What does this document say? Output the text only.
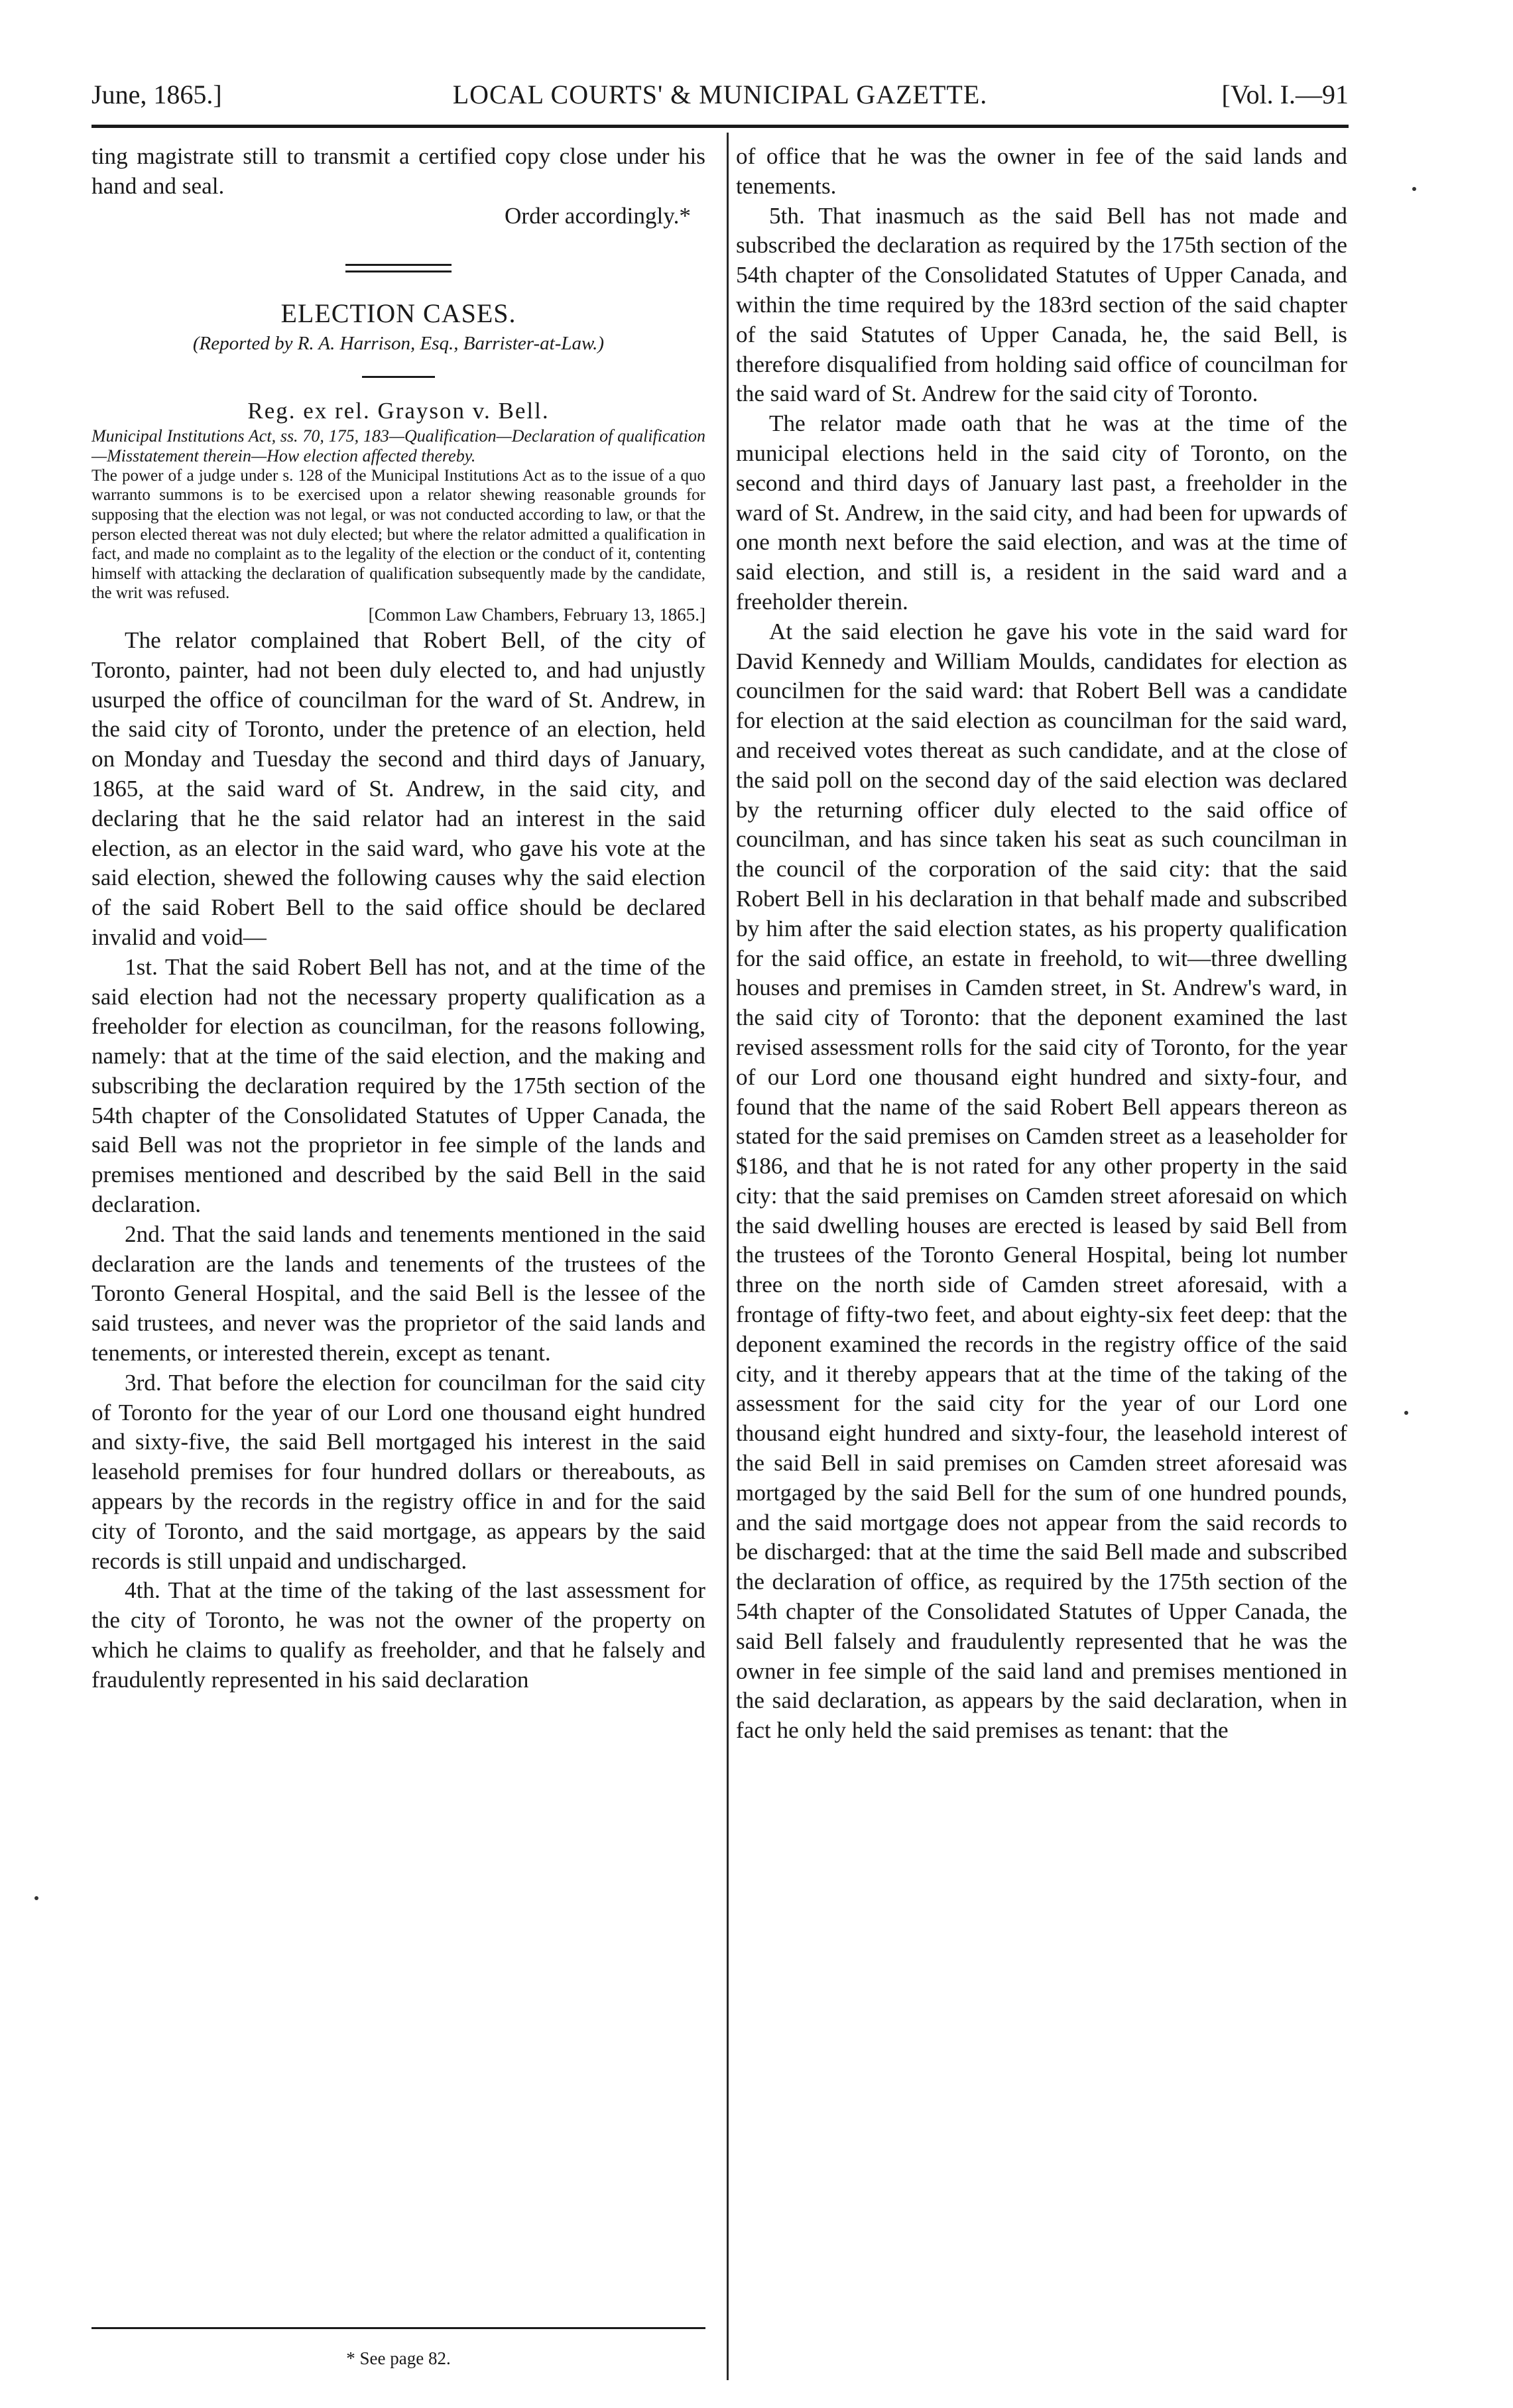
June, 1865.]	LOCAL COURTS' & MUNICIPAL GAZETTE.	[Vol. I.—91

ting magistrate still to transmit a certified copy close under his hand and seal.

Order accordingly.*

ELECTION CASES.

(Reported by R. A. Harrison, Esq., Barrister-at-Law.)

Reg. ex rel. Grayson v. Bell.

Municipal Institutions Act, ss. 70, 175, 183—Qualification—Declaration of qualification—Misstatement therein—How election affected thereby.

The power of a judge under s. 128 of the Municipal Institutions Act as to the issue of a quo warranto summons is to be exercised upon a relator shewing reasonable grounds for supposing that the election was not legal, or was not conducted according to law, or that the person elected thereat was not duly elected; but where the relator admitted a qualification in fact, and made no complaint as to the legality of the election or the conduct of it, contenting himself with attacking the declaration of qualification subsequently made by the candidate, the writ was refused.

[Common Law Chambers, February 13, 1865.]

The relator complained that Robert Bell, of the city of Toronto, painter, had not been duly elected to, and had unjustly usurped the office of councilman for the ward of St. Andrew, in the said city of Toronto, under the pretence of an election, held on Monday and Tuesday the second and third days of January, 1865, at the said ward of St. Andrew, in the said city, and declaring that he the said relator had an interest in the said election, as an elector in the said ward, who gave his vote at the said election, shewed the following causes why the said election of the said Robert Bell to the said office should be declared invalid and void—

1st. That the said Robert Bell has not, and at the time of the said election had not the necessary property qualification as a freeholder for election as councilman, for the reasons following, namely: that at the time of the said election, and the making and subscribing the declaration required by the 175th section of the 54th chapter of the Consolidated Statutes of Upper Canada, the said Bell was not the proprietor in fee simple of the lands and premises mentioned and described by the said Bell in the said declaration.

2nd. That the said lands and tenements mentioned in the said declaration are the lands and tenements of the trustees of the Toronto General Hospital, and the said Bell is the lessee of the said trustees, and never was the proprietor of the said lands and tenements, or interested therein, except as tenant.

3rd. That before the election for councilman for the said city of Toronto for the year of our Lord one thousand eight hundred and sixty-five, the said Bell mortgaged his interest in the said leasehold premises for four hundred dollars or thereabouts, as appears by the records in the registry office in and for the said city of Toronto, and the said mortgage, as appears by the said records is still unpaid and undischarged.

4th. That at the time of the taking of the last assessment for the city of Toronto, he was not the owner of the property on which he claims to qualify as freeholder, and that he falsely and fraudulently represented in his said declaration

* See page 82.

of office that he was the owner in fee of the said lands and tenements.

5th. That inasmuch as the said Bell has not made and subscribed the declaration as required by the 175th section of the 54th chapter of the Consolidated Statutes of Upper Canada, and within the time required by the 183rd section of the said chapter of the said Statutes of Upper Canada, he, the said Bell, is therefore disqualified from holding said office of councilman for the said ward of St. Andrew for the said city of Toronto.

The relator made oath that he was at the time of the municipal elections held in the said city of Toronto, on the second and third days of January last past, a freeholder in the ward of St. Andrew, in the said city, and had been for upwards of one month next before the said election, and was at the time of said election, and still is, a resident in the said ward and a freeholder therein.

At the said election he gave his vote in the said ward for David Kennedy and William Moulds, candidates for election as councilmen for the said ward: that Robert Bell was a candidate for election at the said election as councilman for the said ward, and received votes thereat as such candidate, and at the close of the said poll on the second day of the said election was declared by the returning officer duly elected to the said office of councilman, and has since taken his seat as such councilman in the council of the corporation of the said city: that the said Robert Bell in his declaration in that behalf made and subscribed by him after the said election states, as his property qualification for the said office, an estate in freehold, to wit—three dwelling houses and premises in Camden street, in St. Andrew's ward, in the said city of Toronto: that the deponent examined the last revised assessment rolls for the said city of Toronto, for the year of our Lord one thousand eight hundred and sixty-four, and found that the name of the said Robert Bell appears thereon as stated for the said premises on Camden street as a leaseholder for $186, and that he is not rated for any other property in the said city: that the said premises on Camden street aforesaid on which the said dwelling houses are erected is leased by said Bell from the trustees of the Toronto General Hospital, being lot number three on the north side of Camden street aforesaid, with a frontage of fifty-two feet, and about eighty-six feet deep: that the deponent examined the records in the registry office of the said city, and it thereby appears that at the time of the taking of the assessment for the said city for the year of our Lord one thousand eight hundred and sixty-four, the leasehold interest of the said Bell in said premises on Camden street aforesaid was mortgaged by the said Bell for the sum of one hundred pounds, and the said mortgage does not appear from the said records to be discharged: that at the time the said Bell made and subscribed the declaration of office, as required by the 175th section of the 54th chapter of the Consolidated Statutes of Upper Canada, the said Bell falsely and fraudulently represented that he was the owner in fee simple of the said land and premises mentioned in the said declaration, as appears by the said declaration, when in fact he only held the said premises as tenant: that the
